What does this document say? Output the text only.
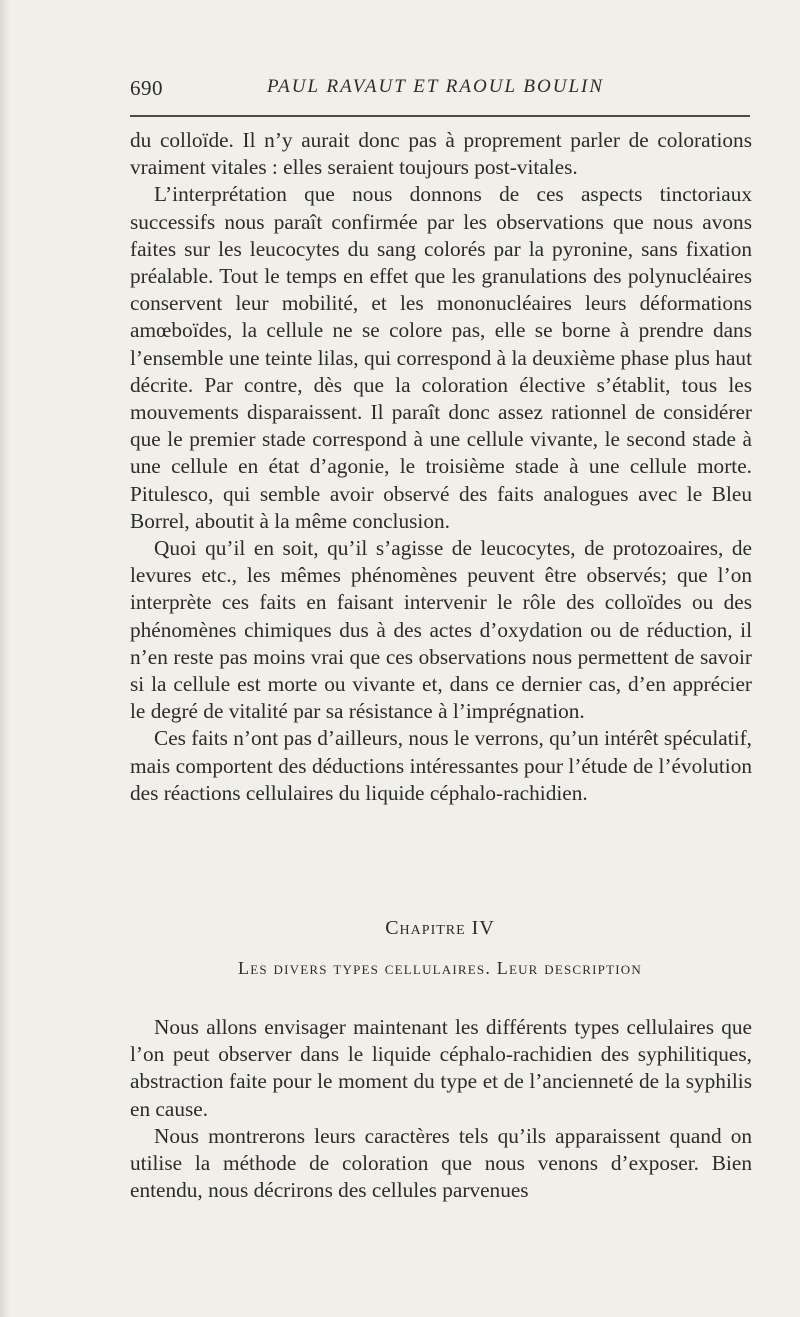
690	PAUL RAVAUT ET RAOUL BOULIN

du colloïde. Il n’y aurait donc pas à proprement parler de colorations vraiment vitales : elles seraient toujours post-vitales.

L’interprétation que nous donnons de ces aspects tinctoriaux successifs nous paraît confirmée par les observations que nous avons faites sur les leucocytes du sang colorés par la pyronine, sans fixation préalable. Tout le temps en effet que les granulations des polynucléaires conservent leur mobilité, et les mononucléaires leurs déformations amœboïdes, la cellule ne se colore pas, elle se borne à prendre dans l’ensemble une teinte lilas, qui correspond à la deuxième phase plus haut décrite. Par contre, dès que la coloration élective s’établit, tous les mouvements disparaissent. Il paraît donc assez rationnel de considérer que le premier stade correspond à une cellule vivante, le second stade à une cellule en état d’agonie, le troisième stade à une cellule morte. Pitulesco, qui semble avoir observé des faits analogues avec le Bleu Borrel, aboutit à la même conclusion.

Quoi qu’il en soit, qu’il s’agisse de leucocytes, de protozoaires, de levures etc., les mêmes phénomènes peuvent être observés; que l’on interprète ces faits en faisant intervenir le rôle des colloïdes ou des phénomènes chimiques dus à des actes d’oxydation ou de réduction, il n’en reste pas moins vrai que ces observations nous permettent de savoir si la cellule est morte ou vivante et, dans ce dernier cas, d’en apprécier le degré de vitalité par sa résistance à l’imprégnation.

Ces faits n’ont pas d’ailleurs, nous le verrons, qu’un intérêt spéculatif, mais comportent des déductions intéressantes pour l’étude de l’évolution des réactions cellulaires du liquide céphalo-rachidien.

Chapitre IV
Les divers types cellulaires. Leur description

Nous allons envisager maintenant les différents types cellulaires que l’on peut observer dans le liquide céphalo-rachidien des syphilitiques, abstraction faite pour le moment du type et de l’ancienneté de la syphilis en cause.

Nous montrerons leurs caractères tels qu’ils apparaissent quand on utilise la méthode de coloration que nous venons d’exposer. Bien entendu, nous décrirons des cellules parvenues
